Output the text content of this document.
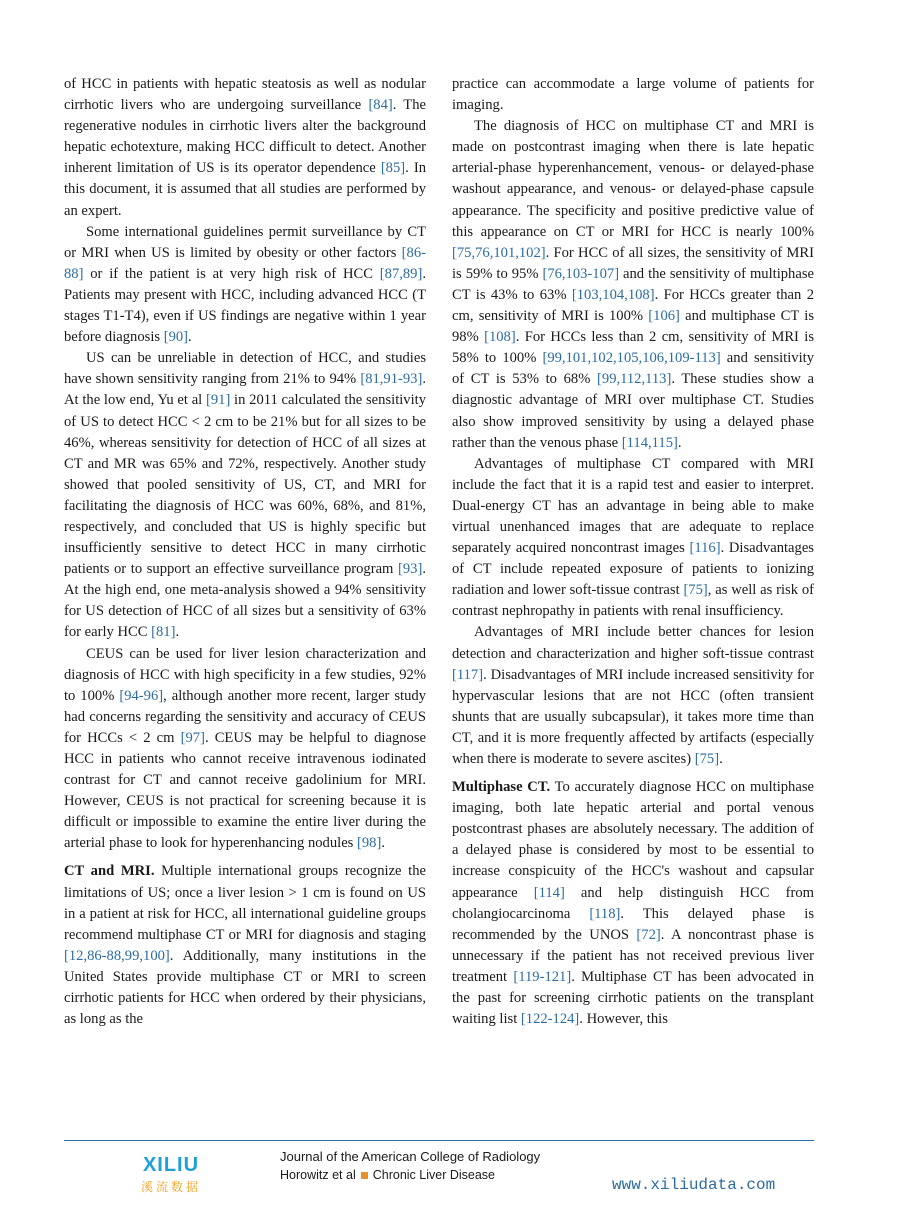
of HCC in patients with hepatic steatosis as well as nodular cirrhotic livers who are undergoing surveillance [84]. The regenerative nodules in cirrhotic livers alter the background hepatic echotexture, making HCC difficult to detect. Another inherent limitation of US is its operator dependence [85]. In this document, it is assumed that all studies are performed by an expert.

Some international guidelines permit surveillance by CT or MRI when US is limited by obesity or other factors [86-88] or if the patient is at very high risk of HCC [87,89]. Patients may present with HCC, including advanced HCC (T stages T1-T4), even if US findings are negative within 1 year before diagnosis [90].

US can be unreliable in detection of HCC, and studies have shown sensitivity ranging from 21% to 94% [81,91-93]. At the low end, Yu et al [91] in 2011 calculated the sensitivity of US to detect HCC < 2 cm to be 21% but for all sizes to be 46%, whereas sensitivity for detection of HCC of all sizes at CT and MR was 65% and 72%, respectively. Another study showed that pooled sensitivity of US, CT, and MRI for facilitating the diagnosis of HCC was 60%, 68%, and 81%, respectively, and concluded that US is highly specific but insufficiently sensitive to detect HCC in many cirrhotic patients or to support an effective surveillance program [93]. At the high end, one meta-analysis showed a 94% sensitivity for US detection of HCC of all sizes but a sensitivity of 63% for early HCC [81].

CEUS can be used for liver lesion characterization and diagnosis of HCC with high specificity in a few studies, 92% to 100% [94-96], although another more recent, larger study had concerns regarding the sensitivity and accuracy of CEUS for HCCs < 2 cm [97]. CEUS may be helpful to diagnose HCC in patients who cannot receive intravenous iodinated contrast for CT and cannot receive gadolinium for MRI. However, CEUS is not practical for screening because it is difficult or impossible to examine the entire liver during the arterial phase to look for hyperenhancing nodules [98].

CT and MRI. Multiple international groups recognize the limitations of US; once a liver lesion > 1 cm is found on US in a patient at risk for HCC, all international guideline groups recommend multiphase CT or MRI for diagnosis and staging [12,86-88,99,100]. Additionally, many institutions in the United States provide multiphase CT or MRI to screen cirrhotic patients for HCC when ordered by their physicians, as long as the

practice can accommodate a large volume of patients for imaging.

The diagnosis of HCC on multiphase CT and MRI is made on postcontrast imaging when there is late hepatic arterial-phase hyperenhancement, venous- or delayed-phase washout appearance, and venous- or delayed-phase capsule appearance. The specificity and positive predictive value of this appearance on CT or MRI for HCC is nearly 100% [75,76,101,102]. For HCC of all sizes, the sensitivity of MRI is 59% to 95% [76,103-107] and the sensitivity of multiphase CT is 43% to 63% [103,104,108]. For HCCs greater than 2 cm, sensitivity of MRI is 100% [106] and multiphase CT is 98% [108]. For HCCs less than 2 cm, sensitivity of MRI is 58% to 100% [99,101,102,105,106,109-113] and sensitivity of CT is 53% to 68% [99,112,113]. These studies show a diagnostic advantage of MRI over multiphase CT. Studies also show improved sensitivity by using a delayed phase rather than the venous phase [114,115].

Advantages of multiphase CT compared with MRI include the fact that it is a rapid test and easier to interpret. Dual-energy CT has an advantage in being able to make virtual unenhanced images that are adequate to replace separately acquired noncontrast images [116]. Disadvantages of CT include repeated exposure of patients to ionizing radiation and lower soft-tissue contrast [75], as well as risk of contrast nephropathy in patients with renal insufficiency.

Advantages of MRI include better chances for lesion detection and characterization and higher soft-tissue contrast [117]. Disadvantages of MRI include increased sensitivity for hypervascular lesions that are not HCC (often transient shunts that are usually subcapsular), it takes more time than CT, and it is more frequently affected by artifacts (especially when there is moderate to severe ascites) [75].

Multiphase CT. To accurately diagnose HCC on multiphase imaging, both late hepatic arterial and portal venous postcontrast phases are absolutely necessary. The addition of a delayed phase is considered by most to be essential to increase conspicuity of the HCC's washout and capsular appearance [114] and help distinguish HCC from cholangiocarcinoma [118]. This delayed phase is recommended by the UNOS [72]. A noncontrast phase is unnecessary if the patient has not received previous liver treatment [119-121]. Multiphase CT has been advocated in the past for screening cirrhotic patients on the transplant waiting list [122-124]. However, this

XILIU
溪流数据
Journal of the American College of Radiology
Horowitz et al Chronic Liver Disease
www.xiliudata.com
